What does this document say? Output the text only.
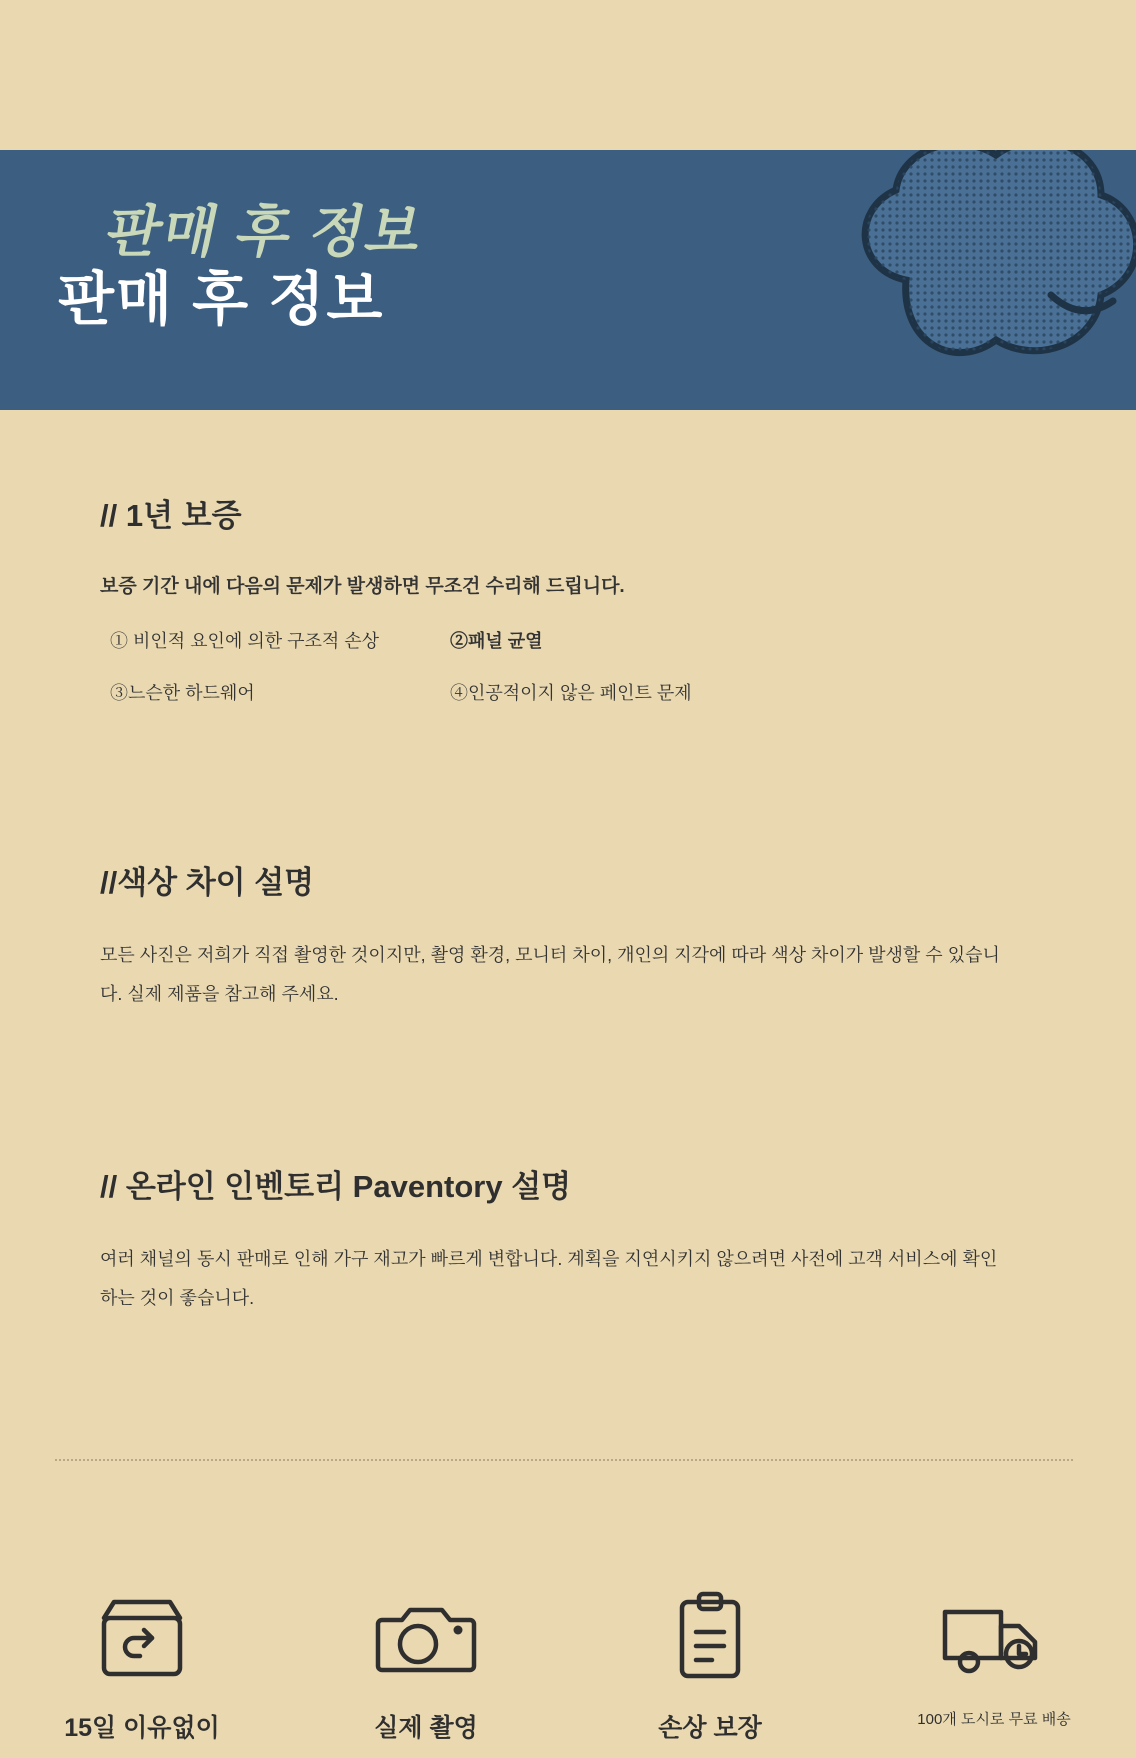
판매 후 정보
판매 후 정보
// 1년 보증

보증 기간 내에 다음의 문제가 발생하면 무조건 수리해 드립니다.

① 비인적 요인에 의한 구조적 손상	②패널 균열
③느슨한 하드웨어	④인공적이지 않은 페인트 문제
//색상 차이 설명

모든 사진은 저희가 직접 촬영한 것이지만, 촬영 환경, 모니터 차이, 개인의 지각에 따라 색상 차이가 발생할 수 있습니다. 실제 제품을 참고해 주세요.

// 온라인 인벤토리 Paventory 설명

여러 채널의 동시 판매로 인해 가구 재고가 빠르게 변합니다. 계획을 지연시키지 않으려면 사전에 고객 서비스에 확인하는 것이 좋습니다.

15일 이유없이	실제 촬영	손상 보장	100개 도시로 무료 배송
